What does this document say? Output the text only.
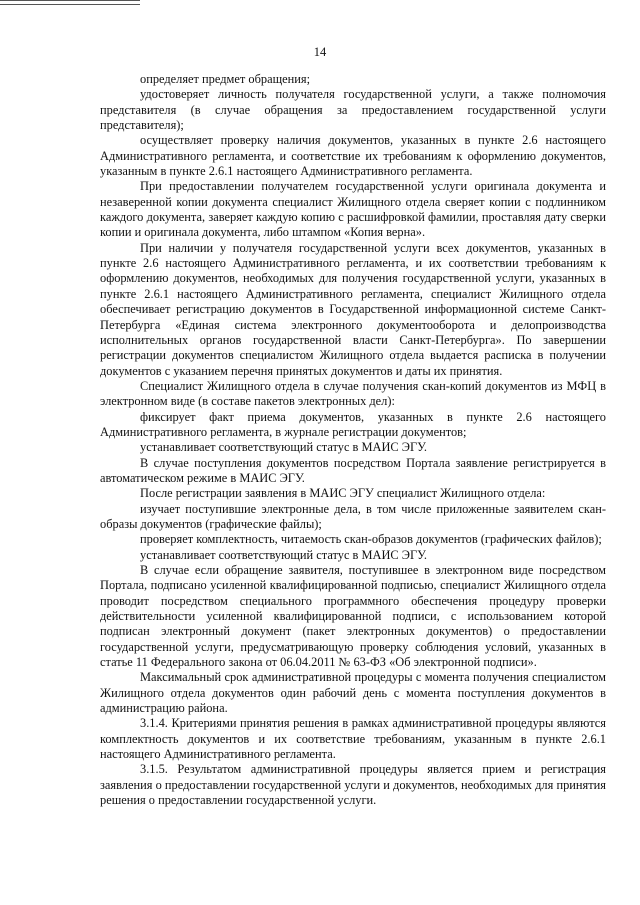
14

определяет предмет обращения;

удостоверяет личность получателя государственной услуги, а также полномочия представителя (в случае обращения за предоставлением государственной услуги представителя);

осуществляет проверку наличия документов, указанных в пункте 2.6 настоящего Административного регламента, и соответствие их требованиям к оформлению документов, указанным в пункте 2.6.1 настоящего Административного регламента.

При предоставлении получателем государственной услуги оригинала документа и незаверенной копии документа специалист Жилищного отдела сверяет копии с подлинником каждого документа, заверяет каждую копию с расшифровкой фамилии, проставляя дату сверки копии и оригинала документа, либо штампом «Копия верна».

При наличии у получателя государственной услуги всех документов, указанных в пункте 2.6 настоящего Административного регламента, и их соответствии требованиям к оформлению документов, необходимых для получения государственной услуги, указанных в пункте 2.6.1 настоящего Административного регламента, специалист Жилищного отдела обеспечивает регистрацию документов в Государственной информационной системе Санкт-Петербурга «Единая система электронного документооборота и делопроизводства исполнительных органов государственной власти Санкт-Петербурга». По завершении регистрации документов специалистом Жилищного отдела выдается расписка в получении документов с указанием перечня принятых документов и даты их принятия.

Специалист Жилищного отдела в случае получения скан-копий документов из МФЦ в электронном виде (в составе пакетов электронных дел):

фиксирует факт приема документов, указанных в пункте 2.6 настоящего Административного регламента, в журнале регистрации документов;

устанавливает соответствующий статус в МАИС ЭГУ.

В случае поступления документов посредством Портала заявление регистрируется в автоматическом режиме в МАИС ЭГУ.

После регистрации заявления в МАИС ЭГУ специалист Жилищного отдела:

изучает поступившие электронные дела, в том числе приложенные заявителем скан-образы документов (графические файлы);

проверяет комплектность, читаемость скан-образов документов (графических файлов);

устанавливает соответствующий статус в МАИС ЭГУ.

В случае если обращение заявителя, поступившее в электронном виде посредством Портала, подписано усиленной квалифицированной подписью, специалист Жилищного отдела проводит посредством специального программного обеспечения процедуру проверки действительности усиленной квалифицированной подписи, с использованием которой подписан электронный документ (пакет электронных документов) о предоставлении государственной услуги, предусматривающую проверку соблюдения условий, указанных в статье 11 Федерального закона от 06.04.2011 № 63-ФЗ «Об электронной подписи».

Максимальный срок административной процедуры с момента получения специалистом Жилищного отдела документов один рабочий день с момента поступления документов в администрацию района.

3.1.4. Критериями принятия решения в рамках административной процедуры являются комплектность документов и их соответствие требованиям, указанным в пункте 2.6.1 настоящего Административного регламента.

3.1.5. Результатом административной процедуры является прием и регистрация заявления о предоставлении государственной услуги и документов, необходимых для принятия решения о предоставлении государственной услуги.
